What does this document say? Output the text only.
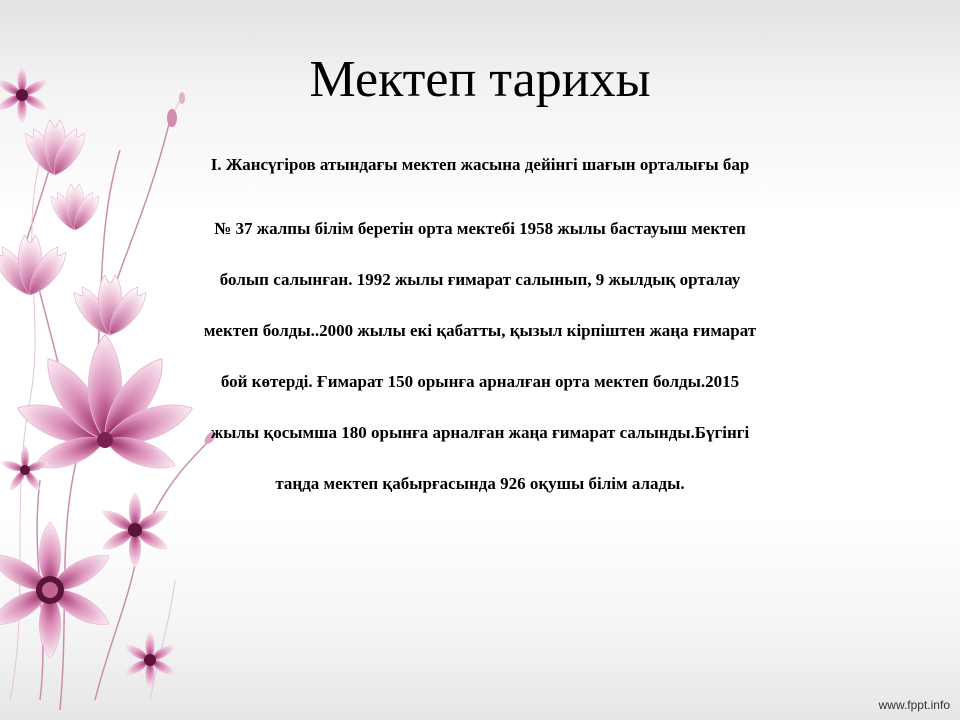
Мектеп тарихы
І. Жансүгіров атындағы мектеп жасына дейінгі шағын орталығы бар
№ 37 жалпы білім беретін орта мектебі 1958 жылы бастауыш мектеп
болып салынған. 1992 жылы ғимарат салынып, 9 жылдық орталау
мектеп болды..2000 жылы екі қабатты, қызыл кірпіштен жаңа ғимарат
бой көтерді. Ғимарат 150 орынға арналған орта мектеп болды.2015
жылы қосымша 180 орынға арналған жаңа ғимарат салынды.Бүгінгі
таңда мектеп қабырғасында 926 оқушы білім алады.
www.fppt.info
